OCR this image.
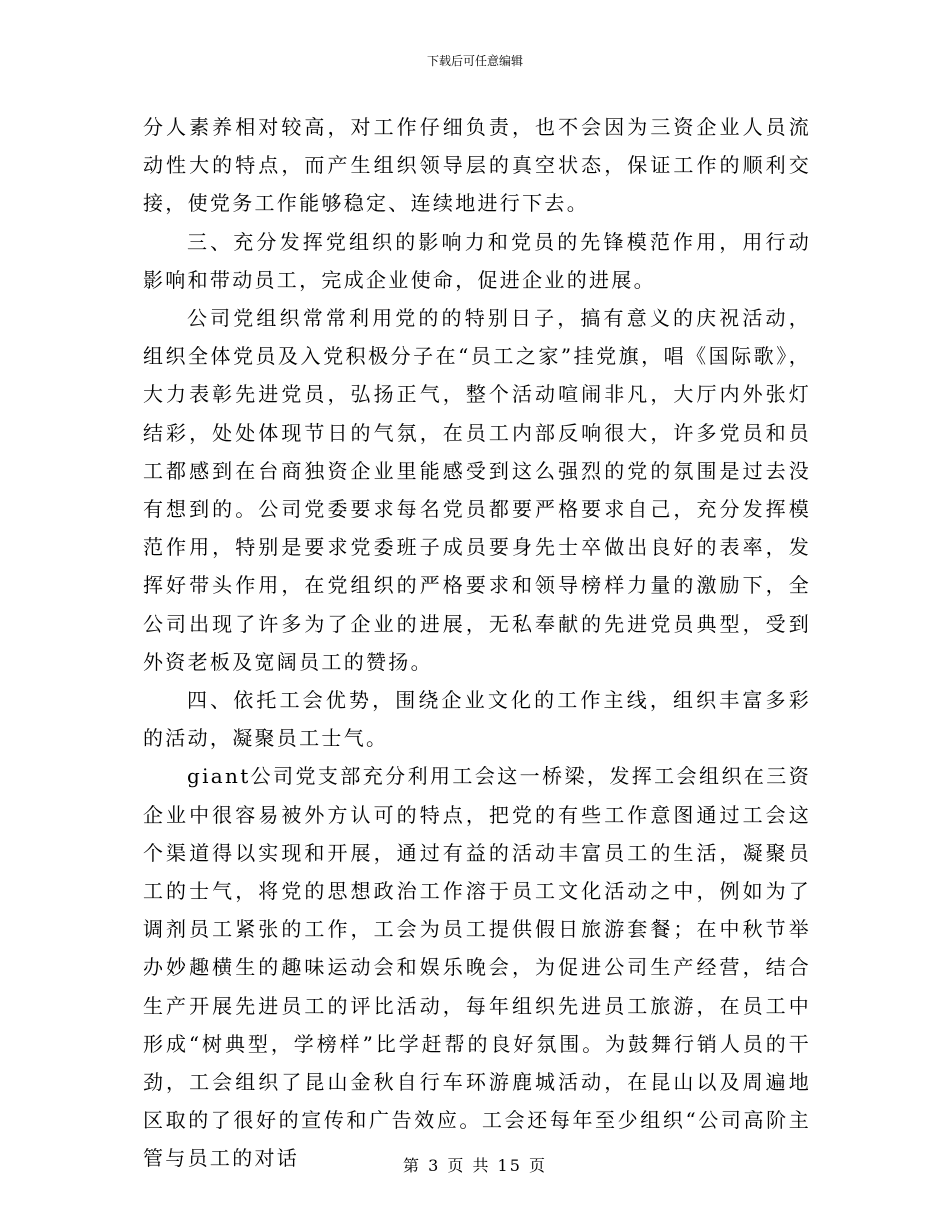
下载后可任意编辑

分人素养相对较高，对工作仔细负责，也不会因为三资企业人员流动性大的特点，而产生组织领导层的真空状态，保证工作的顺利交接，使党务工作能够稳定、连续地进行下去。

三、充分发挥党组织的影响力和党员的先锋模范作用，用行动影响和带动员工，完成企业使命，促进企业的进展。

公司党组织常常利用党的的特别日子，搞有意义的庆祝活动，组织全体党员及入党积极分子在“员工之家”挂党旗，唱《国际歌》，大力表彰先进党员，弘扬正气，整个活动喧闹非凡，大厅内外张灯结彩，处处体现节日的气氛，在员工内部反响很大，许多党员和员工都感到在台商独资企业里能感受到这么强烈的党的氛围是过去没有想到的。公司党委要求每名党员都要严格要求自己，充分发挥模范作用，特别是要求党委班子成员要身先士卒做出良好的表率，发挥好带头作用，在党组织的严格要求和领导榜样力量的激励下，全公司出现了许多为了企业的进展，无私奉献的先进党员典型，受到外资老板及宽阔员工的赞扬。

四、依托工会优势，围绕企业文化的工作主线，组织丰富多彩的活动，凝聚员工士气。

giant公司党支部充分利用工会这一桥梁，发挥工会组织在三资企业中很容易被外方认可的特点，把党的有些工作意图通过工会这个渠道得以实现和开展，通过有益的活动丰富员工的生活，凝聚员工的士气，将党的思想政治工作溶于员工文化活动之中，例如为了调剂员工紧张的工作，工会为员工提供假日旅游套餐；在中秋节举办妙趣横生的趣味运动会和娱乐晚会，为促进公司生产经营，结合生产开展先进员工的评比活动，每年组织先进员工旅游，在员工中形成“树典型，学榜样”比学赶帮的良好氛围。为鼓舞行销人员的干劲，工会组织了昆山金秋自行车环游鹿城活动，在昆山以及周遍地区取的了很好的宣传和广告效应。工会还每年至少组织“公司高阶主管与员工的对话	第 3 页 共 15 页
